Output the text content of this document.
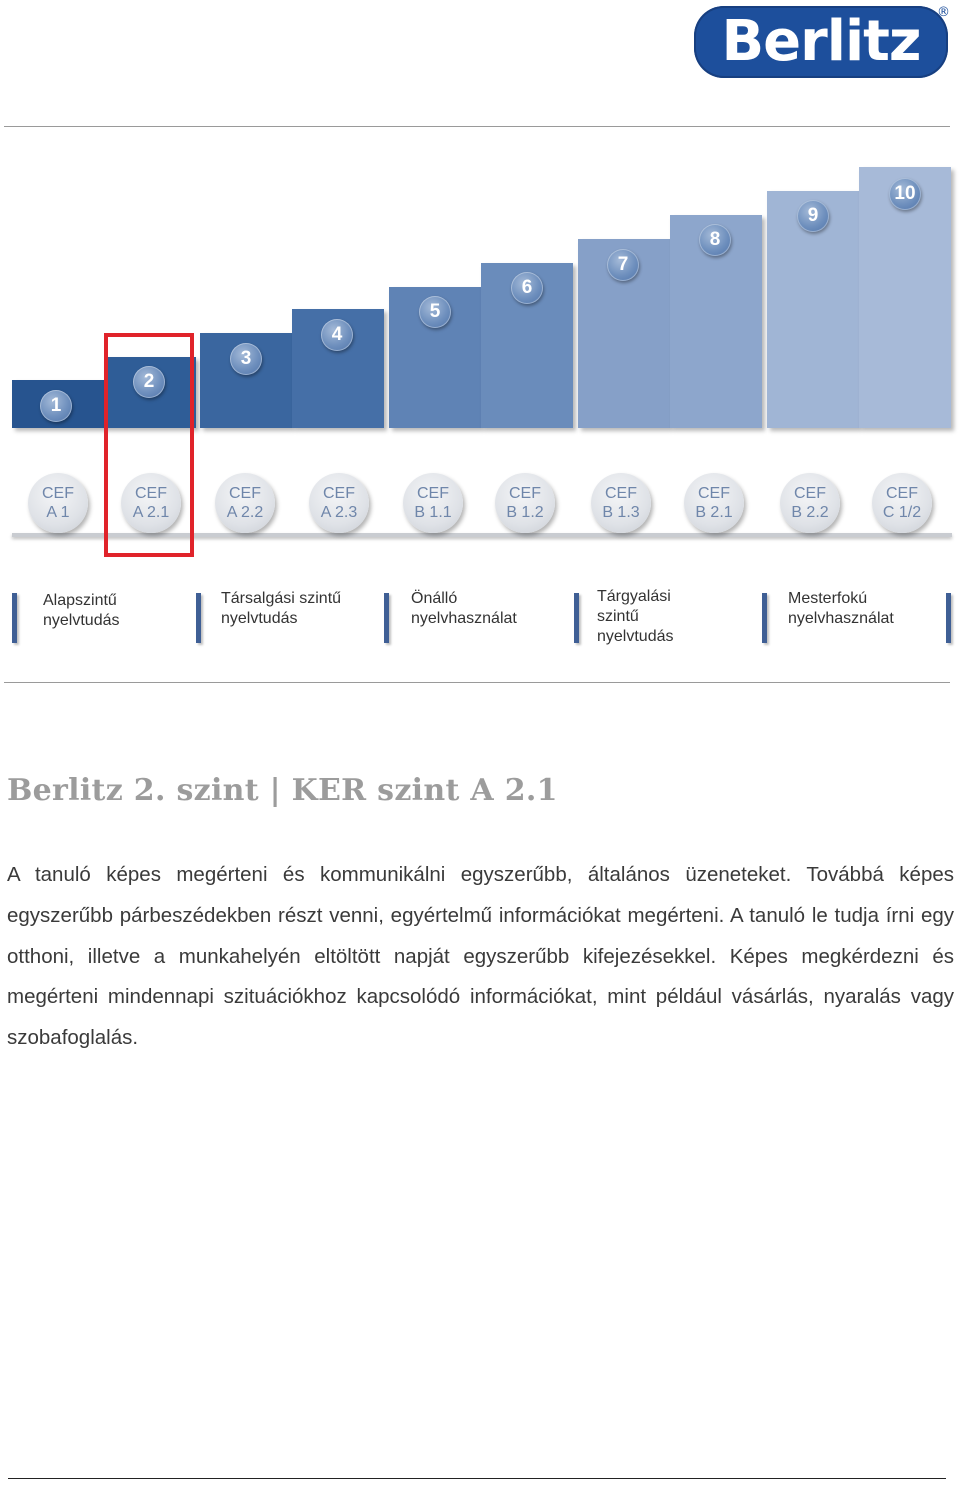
Berlitz ®
1
2
3
4
5
6
7
8
9
10
CEF
A 1
CEF
A 2.1
CEF
A 2.2
CEF
A 2.3
CEF
B 1.1
CEF
B 1.2
CEF
B 1.3
CEF
B 2.1
CEF
B 2.2
CEF
C 1/2
Alapszintű
nyelvtudás
Társalgási szintű
nyelvtudás
Önálló
nyelvhasználat
Tárgyalási
szintű
nyelvtudás
Mesterfokú
nyelvhasználat
Berlitz 2. szint | KER szint A 2.1
A tanuló képes megérteni és kommunikálni egyszerűbb, általános üzeneteket. Továbbá képes egyszerűbb párbeszédekben részt venni, egyértelmű információkat megérteni. A tanuló le tudja írni egy otthoni, illetve a munkahelyén eltöltött napját egyszerűbb kifejezésekkel. Képes megkérdezni és megérteni mindennapi szituációkhoz kapcsolódó információkat, mint például vásárlás, nyaralás vagy szobafoglalás.
